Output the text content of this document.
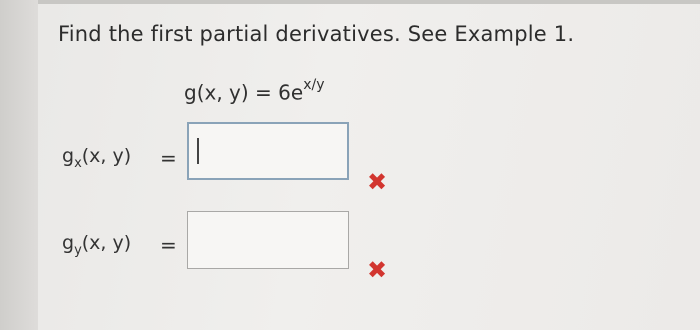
Find the first partial derivatives. See Example 1.
g(x, $y) = 6e^{x/y}$
$g_x(x$, y) =
✖
$g_y(x$, y) =
✖
